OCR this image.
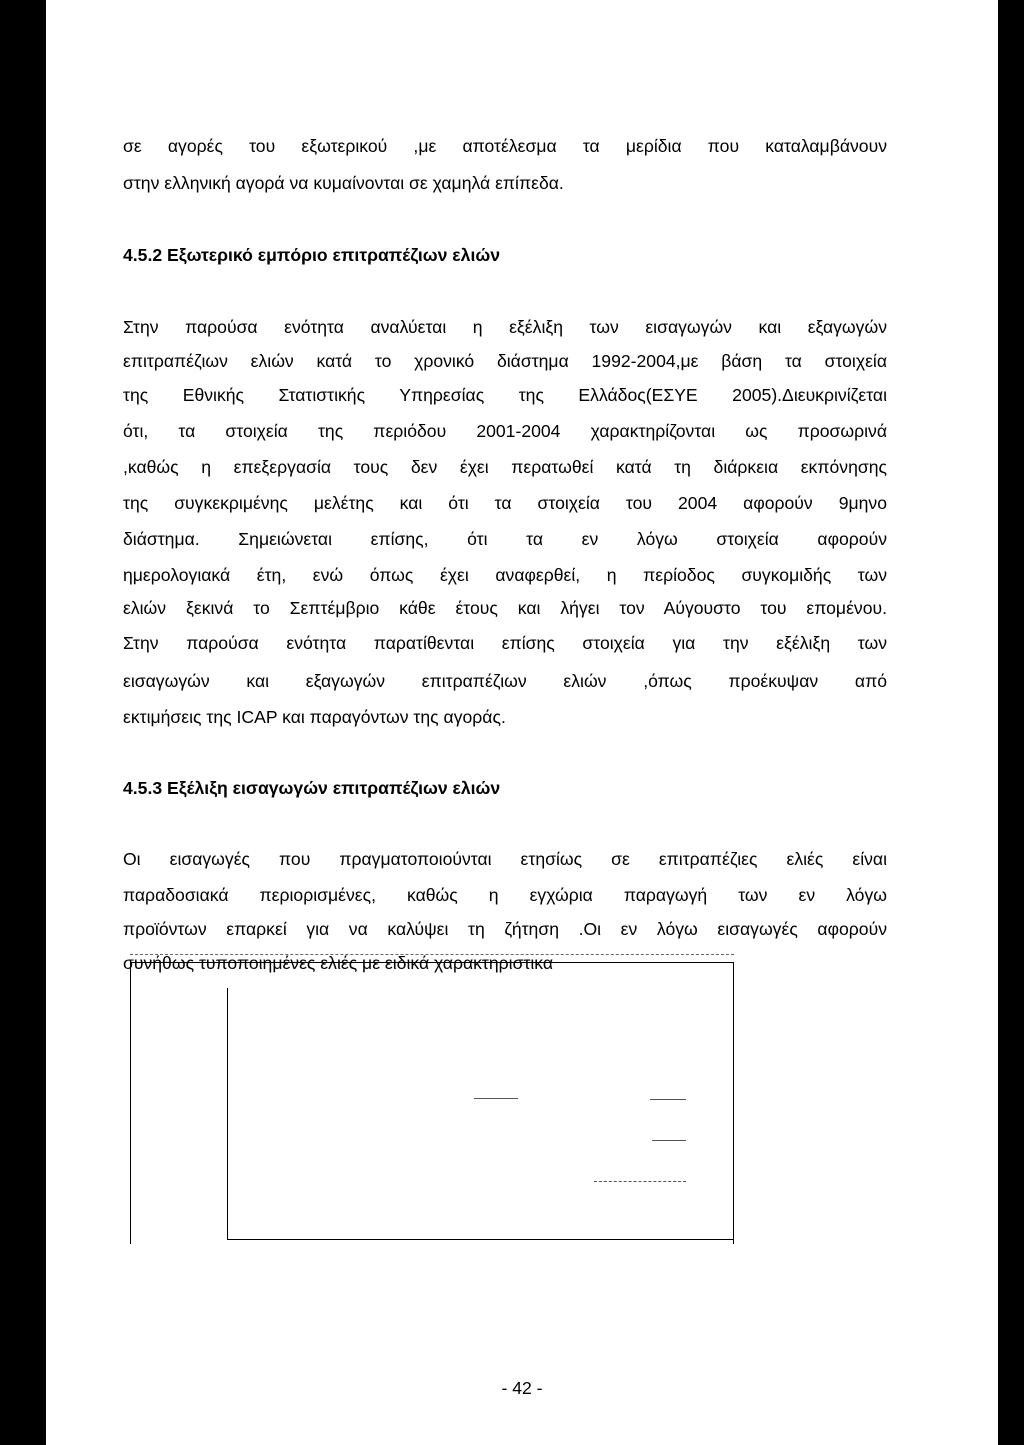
σε αγορές του εξωτερικού ,με αποτέλεσμα τα μερίδια που καταλαμβάνουν
στην ελληνική αγορά να κυμαίνονται σε χαμηλά επίπεδα.
4.5.2 Εξωτερικό εμπόριο επιτραπέζιων ελιών
Στην παρούσα ενότητα αναλύεται η εξέλιξη των εισαγωγών και εξαγωγών
επιτραπέζιων ελιών κατά το χρονικό διάστημα 1992-2004,με βάση τα στοιχεία
της Εθνικής Στατιστικής Υπηρεσίας της Ελλάδος(ΕΣΥΕ 2005).Διευκρινίζεται
ότι, τα στοιχεία της περιόδου 2001-2004 χαρακτηρίζονται ως προσωρινά
,καθώς η επεξεργασία τους δεν έχει περατωθεί κατά τη διάρκεια εκπόνησης
της συγκεκριμένης μελέτης και ότι τα στοιχεία του 2004 αφορούν 9μηνο
διάστημα. Σημειώνεται επίσης, ότι τα εν λόγω στοιχεία αφορούν
ημερολογιακά έτη, ενώ όπως έχει αναφερθεί, η περίοδος συγκομιδής των
ελιών ξεκινά το Σεπτέμβριο κάθε έτους και λήγει τον Αύγουστο του επομένου.
Στην παρούσα ενότητα παρατίθενται επίσης στοιχεία για την εξέλιξη των
εισαγωγών και εξαγωγών επιτραπέζιων ελιών ,όπως προέκυψαν από
εκτιμήσεις της ICAP και παραγόντων της αγοράς.
4.5.3 Εξέλιξη εισαγωγών επιτραπέζιων ελιών
Οι εισαγωγές που πραγματοποιούνται ετησίως σε επιτραπέζιες ελιές είναι
παραδοσιακά περιορισμένες, καθώς η εγχώρια παραγωγή των εν λόγω
προϊόντων επαρκεί για να καλύψει τη ζήτηση .Οι εν λόγω εισαγωγές αφορούν
συνήθως τυποποιημένες ελιές με ειδικά χαρακτηριστικα
- 42 -
